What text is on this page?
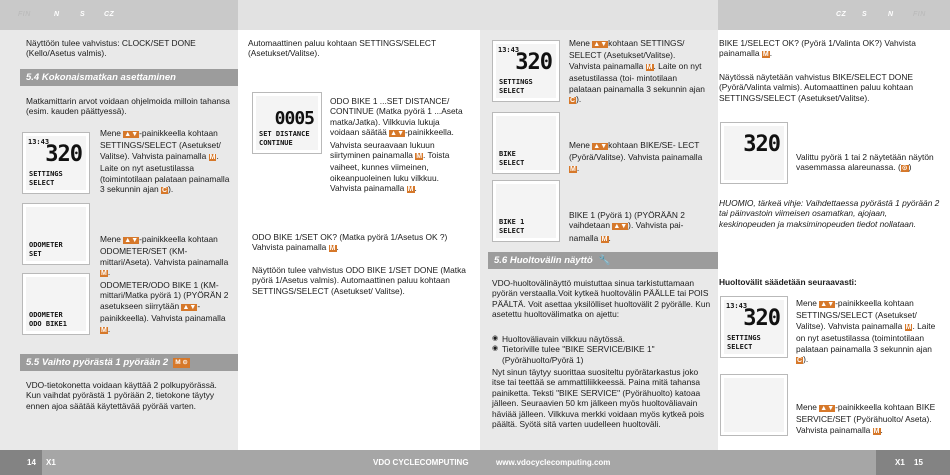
FIN	N	S	CZ	CZ S	N	FIN
Näyttöön tulee vahvistus: CLOCK/SET DONE (Kello/Asetus valmis).
5.4 Kokonaismatkan asettaminen
Matkamittarin arvot voidaan ohjelmoida milloin tahansa (esim. kauden päättyessä).
13:43
320
SETTINGS
SELECT
Mene ▲▼-painikkeella kohtaan SETTINGS/SELECT (Asetukset/ Valitse). Vahvista painamalla M. Laite on nyt asetustilassa (toimintotilaan palataan painamalla 3 sekunnin ajan C).
ODOMETER
SET
Mene ▲▼-painikkeella kohtaan ODOMETER/SET (KM-mittari/Aseta). Vahvista painamalla M.
ODOMETER
ODO BIKE1
ODOMETER/ODO BIKE 1 (KM-mittari/Matka pyörä 1) (PYÖRÄN 2 asetukseen siirrytään ▲▼-painikkeella). Vahvista painamalla M.
5.5 Vaihto pyörästä 1 pyörään 2 M ⊙
VDO-tietokonetta voidaan käyttää 2 polkupyörässä. Kun vaihdat pyörästä 1 pyörään 2, tietokone täytyy ennen ajoa säätää käytettävää pyörää varten.
Automaattinen paluu kohtaan SETTINGS/SELECT (Asetukset/Valitse).
0005
SET DISTANCE
CONTINUE
ODO BIKE 1 ...SET DISTANCE/ CONTINUE (Matka pyörä 1 ...Aseta matka/Jatka). Vilkkuvia lukuja voidaan säätää ▲▼-painikkeella. Vahvista seuraavaan lukuun siirtyminen painamalla M. Toista vaiheet, kunnes viimeinen, oikeanpuoleinen luku vilkkuu. Vahvista painamalla M.
ODO BIKE 1/SET OK? (Matka pyörä 1/Asetus OK ?) Vahvista painamalla M.
Näyttöön tulee vahvistus ODO BIKE 1/SET DONE (Matka pyörä 1/Asetus valmis). Automaattinen paluu kohtaan SETTINGS/SELECT (Asetukset/ Valitse).
13:43
320
SETTINGS
SELECT
Mene ▲▼kohtaan SETTINGS/ SELECT (Asetukset/Valitse). Vahvista painamalla M. Laite on nyt asetustilassa (toi- mintotilaan palataan painamalla 3 sekunnin ajan C).
BIKE
SELECT
Mene ▲▼kohtaan BIKE/SE- LECT (Pyörä/Valitse). Vahvista painamalla M.
BIKE 1
SELECT
BIKE 1 (Pyörä 1) (PYÖRÄÄN 2 vaihdetaan ▲▼). Vahvista pai- namalla M.
5.6 Huoltovälin näyttö 🔧
VDO-huoltovälinäyttö muistuttaa sinua tarkistuttamaan pyörän verstaalla.Voit kytkeä huoltovälin PÄÄLLE tai POIS PÄÄLTÄ. Voit asettaa yksilölliset huoltovälit 2 pyörälle. Kun asetettu huoltovälimatka on ajettu:
◉ Huoltoväliavain vilkkuu näytössä.
◉ Tietoriville tulee "BIKE SERVICE/BIKE 1" (Pyörähuolto/Pyörä 1)
Nyt sinun täytyy suorittaa suositeltu pyörätarkastus joko itse tai teettää se ammattiliikkeessä. Paina mitä tahansa painiketta. Teksti "BIKE SERVICE" (Pyörähuolto) katoaa jälleen. Seuraavien 50 km jälkeen myös huoltoväliavain häviää jälleen. Vilkkuva merkki voidaan myös kytkeä pois päältä. Syötä sitä varten uudelleen huoltoväli.
BIKE 1/SELECT OK? (Pyörä 1/Valinta OK?) Vahvista painamalla M.
Näytössä näytetään vahvistus BIKE/SELECT DONE (Pyörä/Valinta valmis). Automaattinen paluu kohtaan SETTINGS/SELECT (Asetukset/Valitse).
320 Valittu pyörä 1 tai 2 näytetään näytön vasemmassa alareunassa. (⊙)
HUOMIO, tärkeä vihje: Vaihdettaessa pyörästä 1 pyörään 2 tai päinvastoin viimeisen osamatkan, ajojaan, keskinopeuden ja maksiminopeuden tiedot nollataan.
Huoltovälit säädetään seuraavasti:
13:43
320
SETTINGS
SELECT
Mene ▲▼-painikkeella kohtaan SETTINGS/SELECT (Asetukset/ Valitse). Vahvista painamalla M. Laite on nyt asetustilassa (toimintotilaan palataan painamalla 3 sekunnin ajan C).
Mene ▲▼-painikkeella kohtaan BIKE SERVICE/SET (Pyörähuolto/ Aseta). Vahvista painamalla M.
14 X1	VDO CYCLECOMPUTING	www.vdocyclecomputing.com	X1 15
